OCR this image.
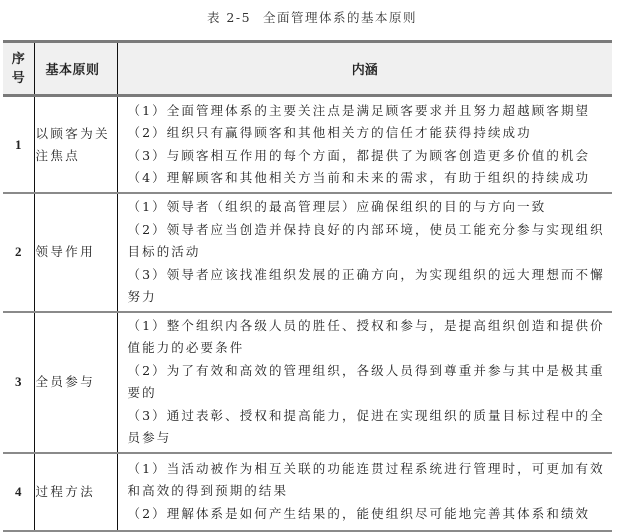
表 2-5 全面管理体系的基本原则
序号	基本原则	内涵
1	以顾客为关注焦点	（1）全面管理体系的主要关注点是满足顾客要求并且努力超越顾客期望
（2）组织只有赢得顾客和其他相关方的信任才能获得持续成功
（3）与顾客相互作用的每个方面，都提供了为顾客创造更多价值的机会
（4）理解顾客和其他相关方当前和未来的需求，有助于组织的持续成功

2	领导作用	（1）领导者（组织的最高管理层）应确保组织的目的与方向一致
（2）领导者应当创造并保持良好的内部环境，使员工能充分参与实现组织目标的活动
（3）领导者应该找准组织发展的正确方向，为实现组织的远大理想而不懈努力

3	全员参与	（1）整个组织内各级人员的胜任、授权和参与，是提高组织创造和提供价值能力的必要条件
（2）为了有效和高效的管理组织，各级人员得到尊重并参与其中是极其重要的
（3）通过表彰、授权和提高能力，促进在实现组织的质量目标过程中的全员参与

4	过程方法	（1）当活动被作为相互关联的功能连贯过程系统进行管理时，可更加有效和高效的得到预期的结果
（2）理解体系是如何产生结果的，能使组织尽可能地完善其体系和绩效
